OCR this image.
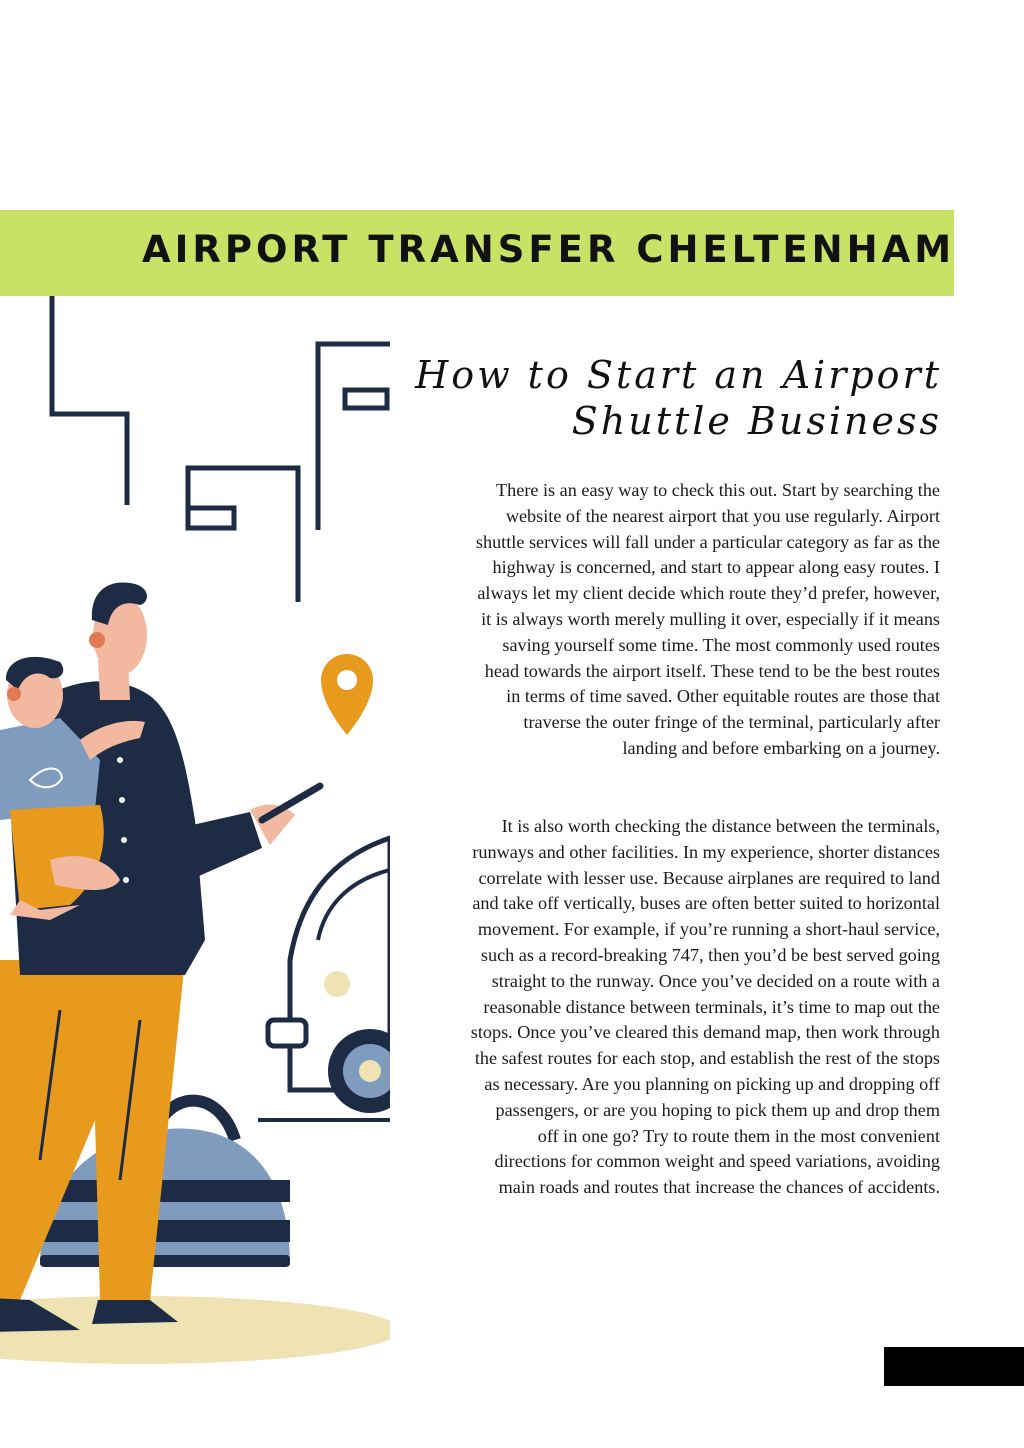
AIRPORT TRANSFER CHELTENHAM
How to Start an Airport
Shuttle Business

There is an easy way to check this out. Start by searching the
website of the nearest airport that you use regularly. Airport
shuttle services will fall under a particular category as far as the
highway is concerned, and start to appear along easy routes. I
always let my client decide which route they’d prefer, however,
it is always worth merely mulling it over, especially if it means
saving yourself some time. The most commonly used routes
head towards the airport itself. These tend to be the best routes
in terms of time saved. Other equitable routes are those that
traverse the outer fringe of the terminal, particularly after
landing and before embarking on a journey.

It is also worth checking the distance between the terminals,
runways and other facilities. In my experience, shorter distances
correlate with lesser use. Because airplanes are required to land
and take off vertically, buses are often better suited to horizontal
movement. For example, if you’re running a short-haul service,
such as a record-breaking 747, then you’d be best served going
straight to the runway. Once you’ve decided on a route with a
reasonable distance between terminals, it’s time to map out the
stops. Once you’ve cleared this demand map, then work through
the safest routes for each stop, and establish the rest of the stops
as necessary. Are you planning on picking up and dropping off
passengers, or are you hoping to pick them up and drop them
off in one go? Try to route them in the most convenient
directions for common weight and speed variations, avoiding
main roads and routes that increase the chances of accidents.
